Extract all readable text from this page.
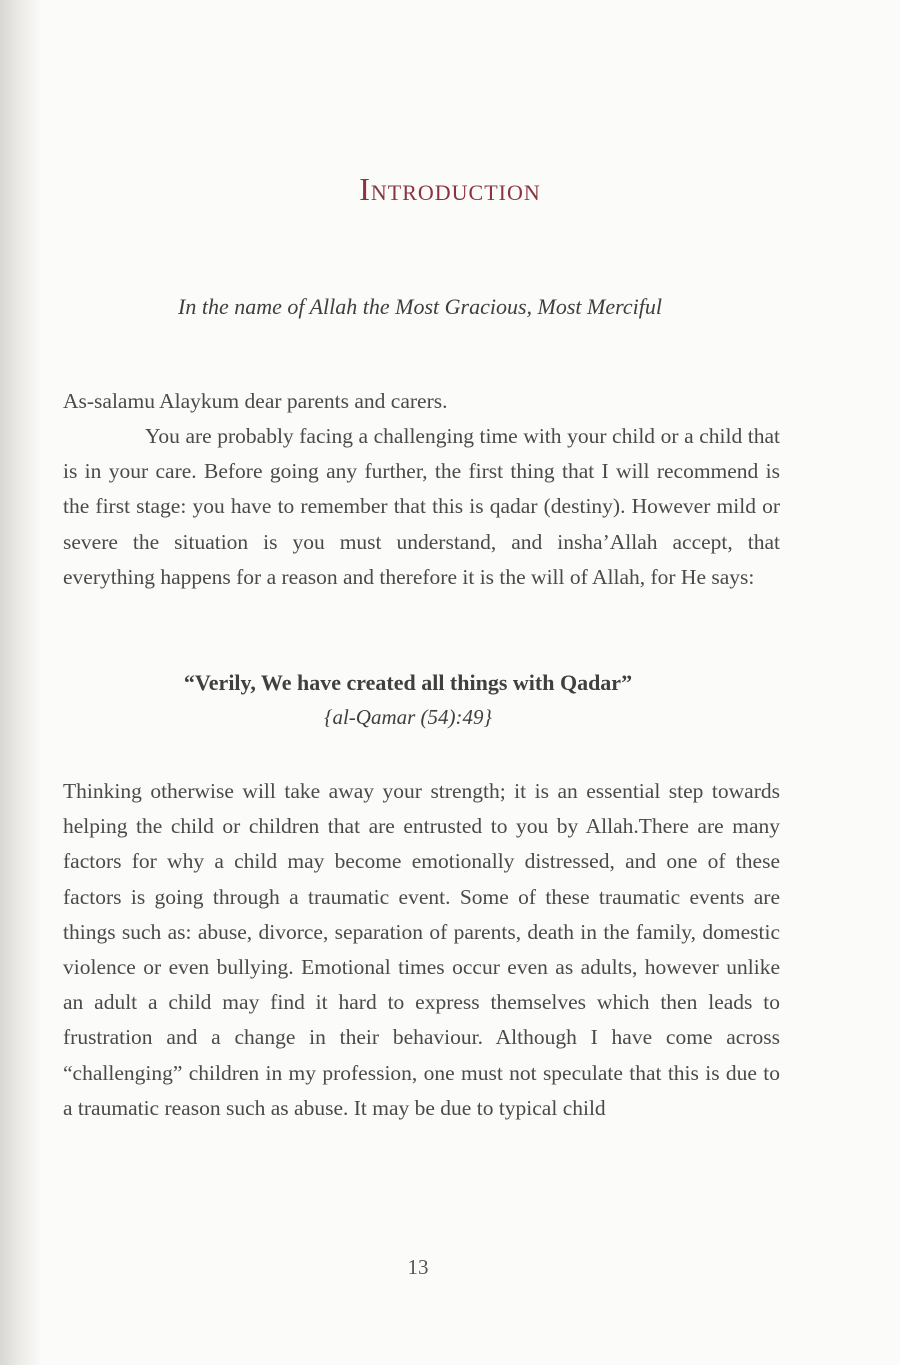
Introduction

In the name of Allah the Most Gracious, Most Merciful

As-salamu Alaykum dear parents and carers.

You are probably facing a challenging time with your child or a child that is in your care. Before going any further, the first thing that I will recommend is the first stage: you have to remember that this is qadar (destiny). However mild or severe the situation is you must understand, and insha’Allah accept, that everything happens for a reason and therefore it is the will of Allah, for He says:

“Verily, We have created all things with Qadar”
{al-Qamar (54):49}

Thinking otherwise will take away your strength; it is an essential step towards helping the child or children that are entrusted to you by Allah.There are many factors for why a child may become emotionally distressed, and one of these factors is going through a traumatic event. Some of these traumatic events are things such as: abuse, divorce, separation of parents, death in the family, domestic violence or even bullying. Emotional times occur even as adults, however unlike an adult a child may find it hard to express themselves which then leads to frustration and a change in their behaviour. Although I have come across “challenging” children in my profession, one must not speculate that this is due to a traumatic reason such as abuse. It may be due to typical child

13
